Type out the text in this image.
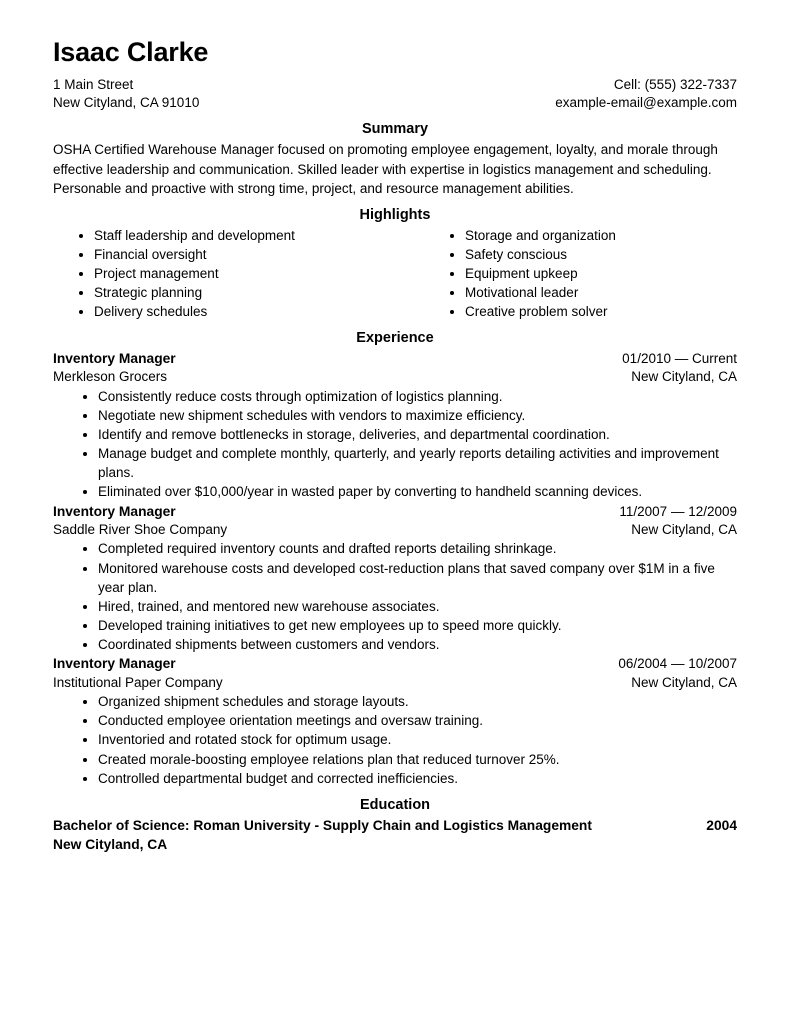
Isaac Clarke
1 Main Street
New Cityland, CA 91010
Cell: (555) 322-7337
example-email@example.com
Summary

OSHA Certified Warehouse Manager focused on promoting employee engagement, loyalty, and morale through effective leadership and communication. Skilled leader with expertise in logistics management and scheduling. Personable and proactive with strong time, project, and resource management abilities.

Highlights
Staff leadership and development
Financial oversight
Project management
Strategic planning
Delivery schedules
Storage and organization
Safety conscious
Equipment upkeep
Motivational leader
Creative problem solver
Experience
Inventory Manager	01/2010 — Current
Merkleson Grocers	New Cityland, CA
Consistently reduce costs through optimization of logistics planning.
Negotiate new shipment schedules with vendors to maximize efficiency.
Identify and remove bottlenecks in storage, deliveries, and departmental coordination.
Manage budget and complete monthly, quarterly, and yearly reports detailing activities and improvement plans.
Eliminated over $10,000/year in wasted paper by converting to handheld scanning devices.
Inventory Manager	11/2007 — 12/2009
Saddle River Shoe Company	New Cityland, CA
Completed required inventory counts and drafted reports detailing shrinkage.
Monitored warehouse costs and developed cost-reduction plans that saved company over $1M in a five year plan.
Hired, trained, and mentored new warehouse associates.
Developed training initiatives to get new employees up to speed more quickly.
Coordinated shipments between customers and vendors.
Inventory Manager	06/2004 — 10/2007
Institutional Paper Company	New Cityland, CA
Organized shipment schedules and storage layouts.
Conducted employee orientation meetings and oversaw training.
Inventoried and rotated stock for optimum usage.
Created morale-boosting employee relations plan that reduced turnover 25%.
Controlled departmental budget and corrected inefficiencies.
Education
Bachelor of Science: Roman University - Supply Chain and Logistics Management	2004
New Cityland, CA
